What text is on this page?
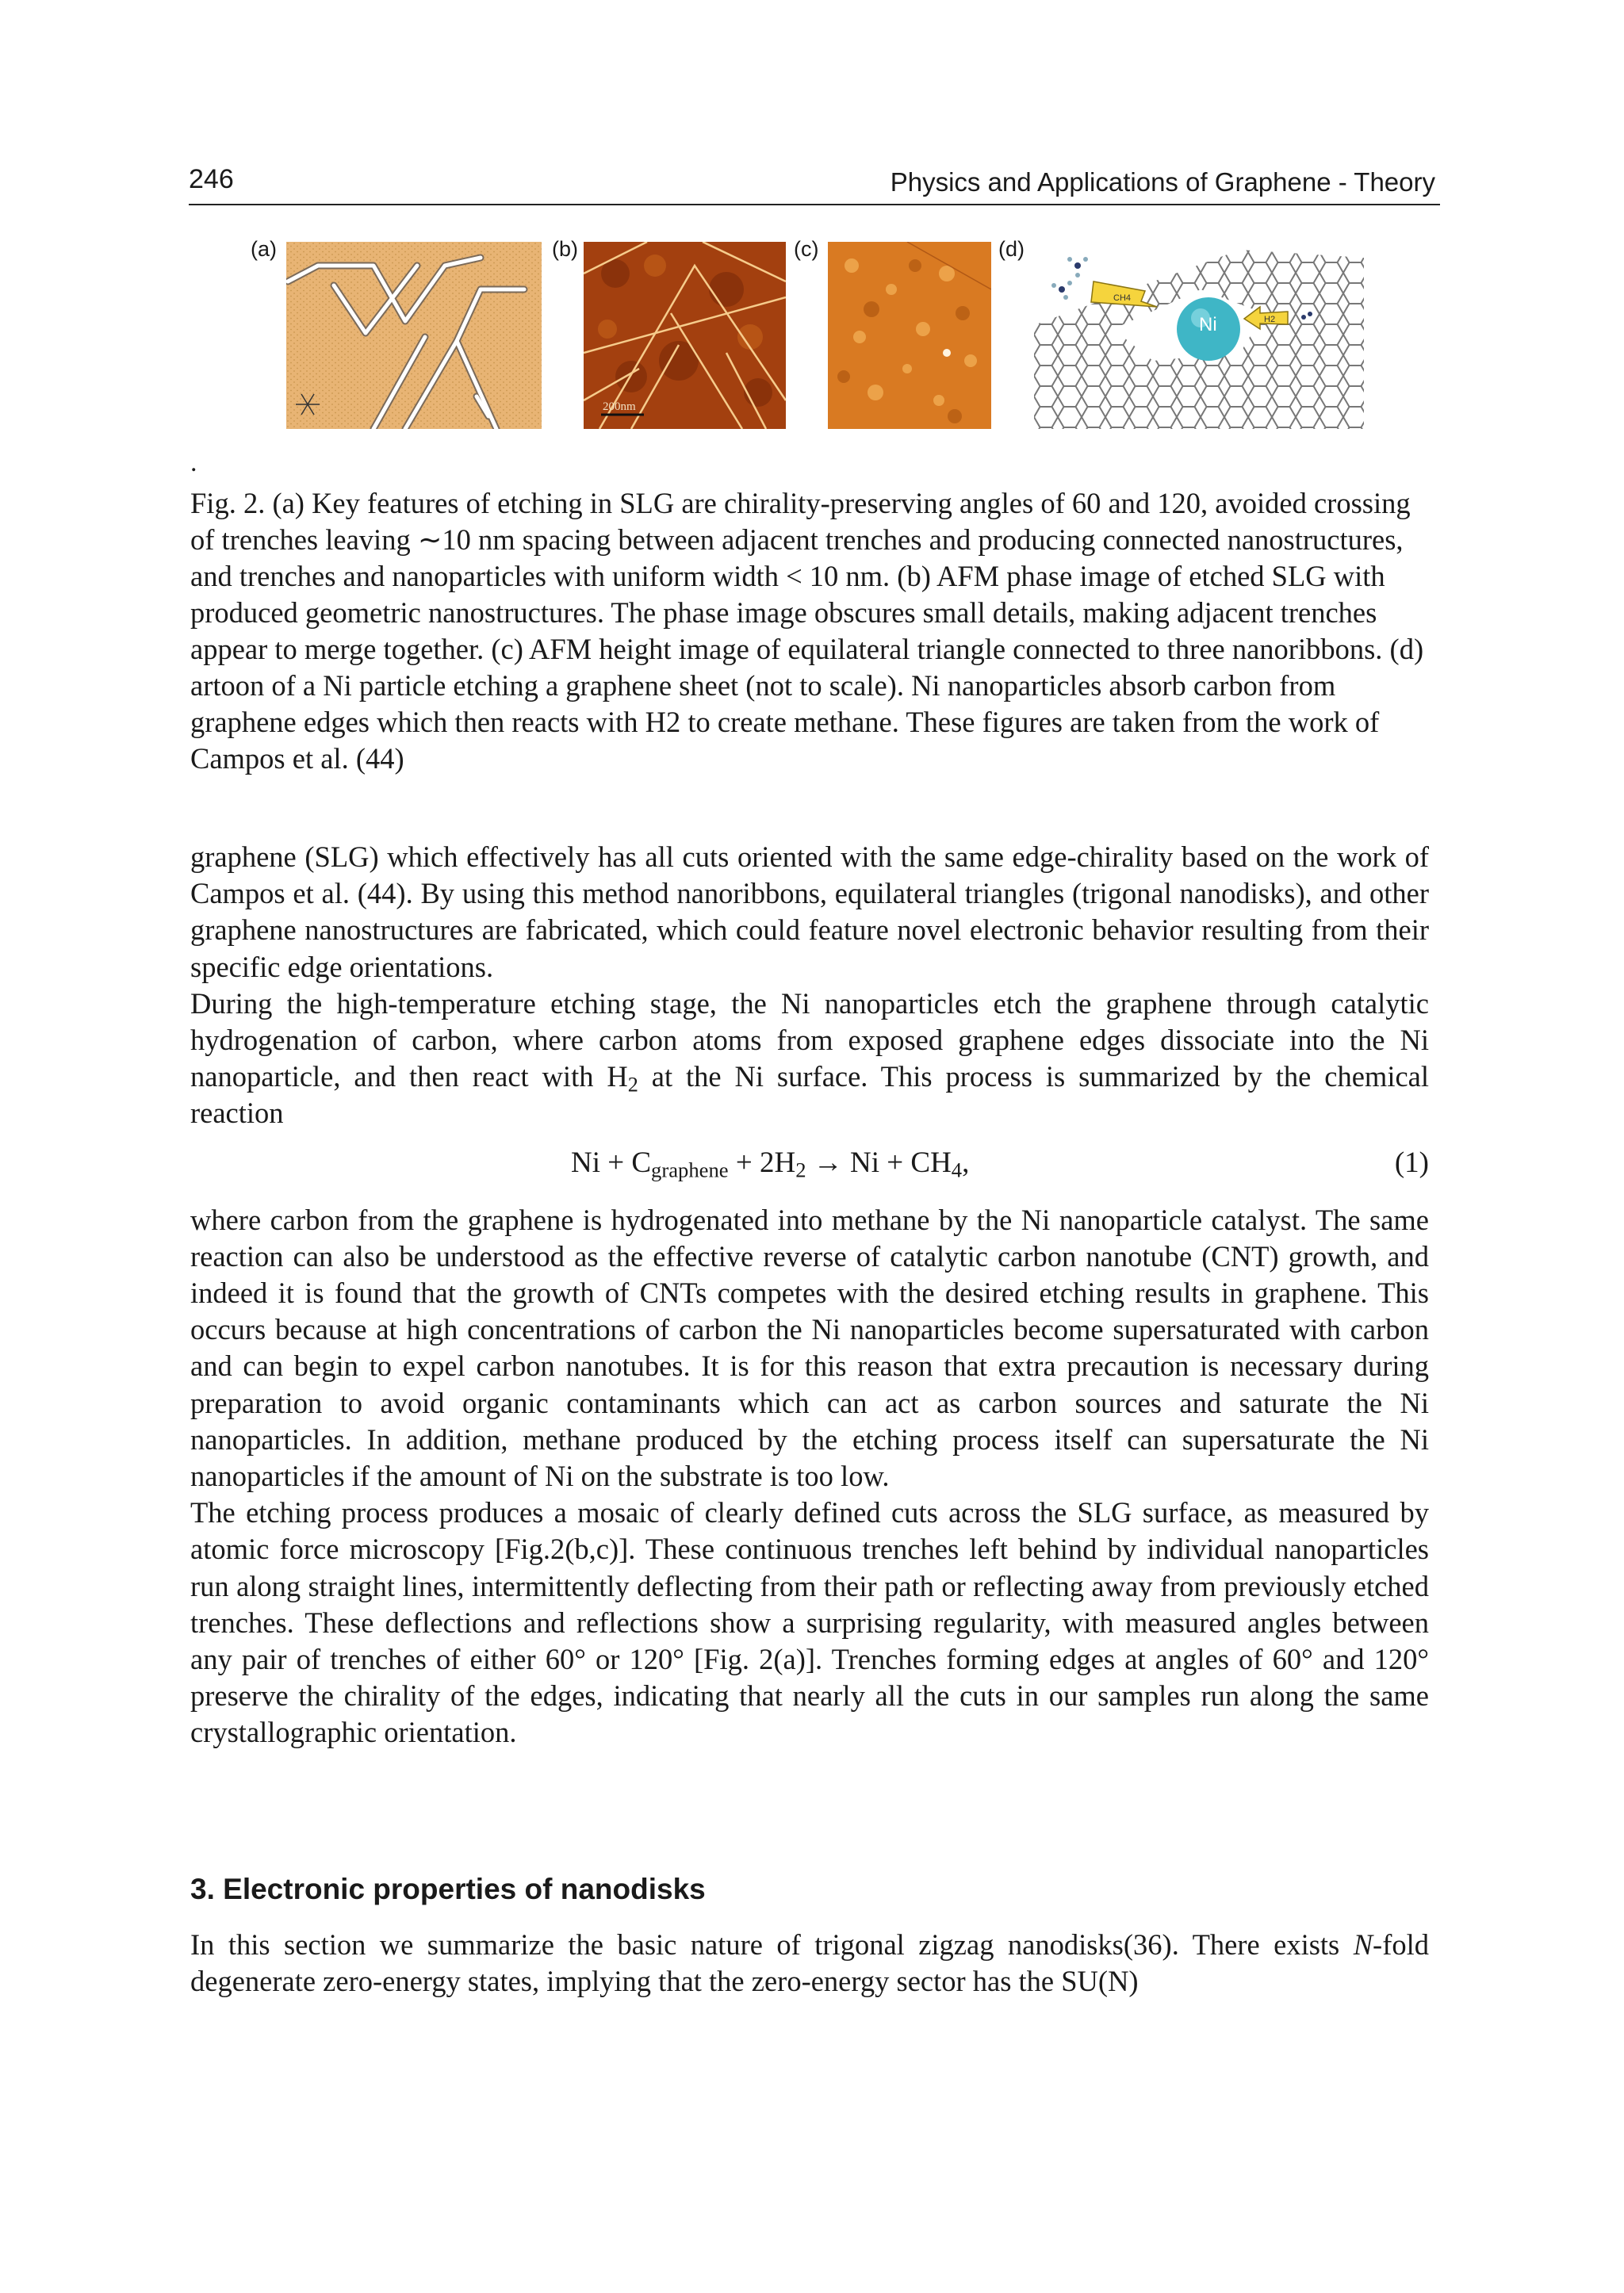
246	Physics and Applications of Graphene - Theory
(a)	(b)
200nm
(c)	(d)
Ni
CH4
H2
.

Fig. 2. (a) Key features of etching in SLG are chirality-preserving angles of 60 and 120, avoided crossing of trenches leaving ∼10 nm spacing between adjacent trenches and producing connected nanostructures, and trenches and nanoparticles with uniform width < 10 nm. (b) AFM phase image of etched SLG with produced geometric nanostructures. The phase image obscures small details, making adjacent trenches appear to merge together. (c) AFM height image of equilateral triangle connected to three nanoribbons. (d) artoon of a Ni particle etching a graphene sheet (not to scale). Ni nanoparticles absorb carbon from graphene edges which then reacts with H2 to create methane. These figures are taken from the work of Campos et al. (44)

graphene (SLG) which effectively has all cuts oriented with the same edge-chirality based on the work of Campos et al. (44). By using this method nanoribbons, equilateral triangles (trigonal nanodisks), and other graphene nanostructures are fabricated, which could feature novel electronic behavior resulting from their specific edge orientations.

During the high-temperature etching stage, the Ni nanoparticles etch the graphene through catalytic hydrogenation of carbon, where carbon atoms from exposed graphene edges dissociate into the Ni nanoparticle, and then react with $H_2$ at the Ni surface. This process is summarized by the chemical reaction

$Ni + C_{graphene} + 2H_2 \to Ni + CH_4$,	(1)

where carbon from the graphene is hydrogenated into methane by the Ni nanoparticle catalyst. The same reaction can also be understood as the effective reverse of catalytic carbon nanotube (CNT) growth, and indeed it is found that the growth of CNTs competes with the desired etching results in graphene. This occurs because at high concentrations of carbon the Ni nanoparticles become supersaturated with carbon and can begin to expel carbon nanotubes. It is for this reason that extra precaution is necessary during preparation to avoid organic contaminants which can act as carbon sources and saturate the Ni nanoparticles. In addition, methane produced by the etching process itself can supersaturate the Ni nanoparticles if the amount of Ni on the substrate is too low.

The etching process produces a mosaic of clearly defined cuts across the SLG surface, as measured by atomic force microscopy [Fig.2(b,c)]. These continuous trenches left behind by individual nanoparticles run along straight lines, intermittently deflecting from their path or reflecting away from previously etched trenches. These deflections and reflections show a surprising regularity, with measured angles between any pair of trenches of either 60° or 120° [Fig. 2(a)]. Trenches forming edges at angles of 60° and 120° preserve the chirality of the edges, indicating that nearly all the cuts in our samples run along the same crystallographic orientation.

3. Electronic properties of nanodisks

In this section we summarize the basic nature of trigonal zigzag nanodisks(36). There exists N-fold degenerate zero-energy states, implying that the zero-energy sector has the SU(N)
